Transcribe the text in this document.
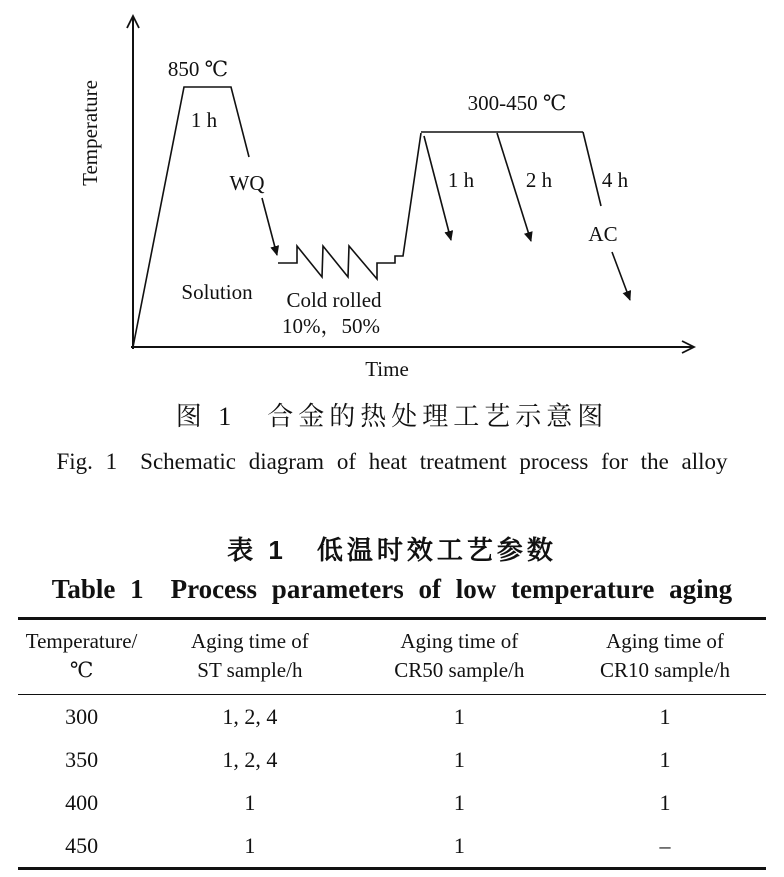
Temperature
Time
850 ℃
1 h
WQ
Solution Cold rolled
10%，50%
300-450 ℃
1 h 2 h 4 h
AC
图 1　合金的热处理工艺示意图
Fig. 1　Schematic diagram of heat treatment process for the alloy
表 1　低温时效工艺参数
Table 1　Process parameters of low temperature aging
Temperature/
℃

Aging time of
ST sample/h

Aging time of
CR50 sample/h

Aging time of
CR10 sample/h

300	1, 2, 4	1	1
350	1, 2, 4	1	1
400	1	1	1
450	1	1	–
